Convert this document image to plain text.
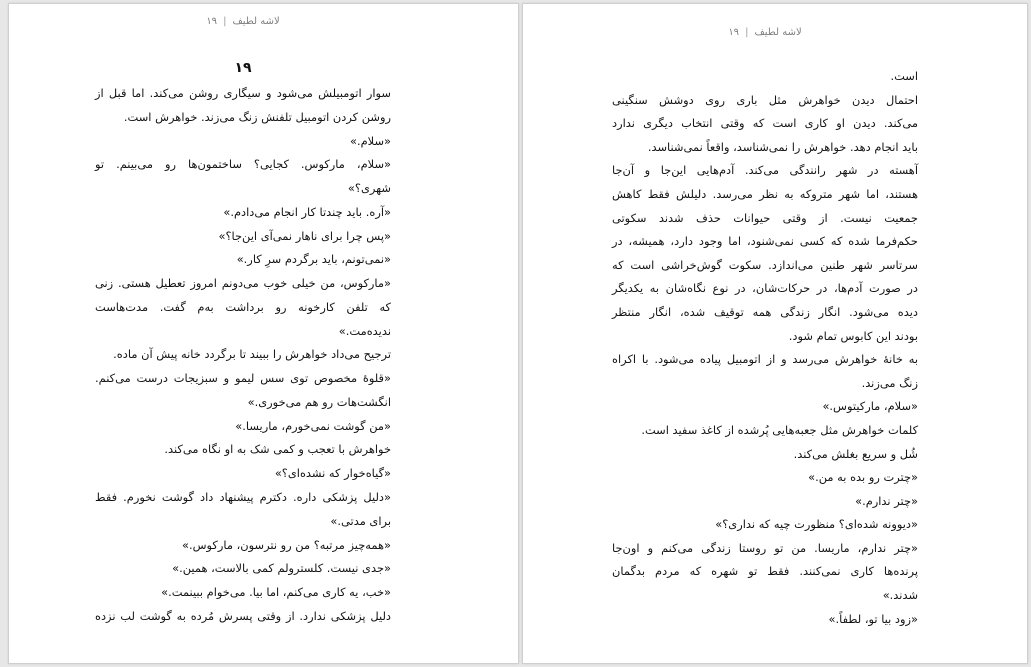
لاشه لطیف|۱۹
۱۹
سوار اتومبیلش می‌شود و سیگاری روشن می‌کند. اما قبل از
روشن کردن اتومبیل تلفنش زنگ می‌زند. خواهرش است.
«سلام.»
«سلام، مارکوس. کجایی؟ ساختمون‌ها رو می‌بینم. تو
شهری؟»
«آره. باید چندتا کار انجام می‌دادم.»
«پس چرا برای ناهار نمی‌آی این‌جا؟»
«نمی‌تونم، باید برگردم سرِ کار.»
«مارکوس، من خیلی خوب می‌دونم امروز تعطیل هستی. زنی
که تلفن کارخونه رو برداشت به‌م گفت. مدت‌هاست
ندیده‌مت.»
ترجیح می‌داد خواهرش را ببیند تا برگردد خانه پیش آن ماده.
«قلوهٔ مخصوص توی سس لیمو و سبزیجات درست می‌کنم.
انگشت‌هات رو هم می‌خوری.»
«من گوشت نمی‌خورم، ماریسا.»
خواهرش با تعجب و کمی شک به او نگاه می‌کند.
«گیاه‌خوار که نشده‌ای؟»
«دلیل پزشکی داره. دکترم پیشنهاد داد گوشت نخورم. فقط
برای مدتی.»
«همه‌چیز مرتبه؟ من رو نترسون، مارکوس.»
«جدی نیست. کلسترولم کمی بالاست، همین.»
«خب، یه کاری می‌کنم، اما بیا. می‌خوام ببینمت.»
دلیل پزشکی ندارد. از وقتی پسرش مُرده به گوشت لب نزده
لاشه لطیف|۱۹
است.
احتمال دیدن خواهرش مثل باری روی دوشش سنگینی
می‌کند. دیدن او کاری است که وقتی انتخاب دیگری ندارد
باید انجام دهد. خواهرش را نمی‌شناسد، واقعاً نمی‌شناسد.
آهسته در شهر رانندگی می‌کند. آدم‌هایی این‌جا و آن‌جا
هستند، اما شهر متروکه به نظر می‌رسد. دلیلش فقط کاهش
جمعیت نیست. از وقتی حیوانات حذف شدند سکوتی
حکم‌فرما شده که کسی نمی‌شنود، اما وجود دارد، همیشه، در
سرتاسر شهر طنین می‌اندازد. سکوت گوش‌خراشی است که
در صورت آدم‌ها، در حرکات‌شان، در نوع نگاه‌شان به یکدیگر
دیده می‌شود. انگار زندگی همه توقیف شده، انگار منتظر
بودند این کابوس تمام شود.
به خانهٔ خواهرش می‌رسد و از اتومبیل پیاده می‌شود. با اکراه
زنگ می‌زند.
«سلام، مارکیتوس.»
کلمات خواهرش مثل جعبه‌هایی پُرشده از کاغذ سفید است.
شُل و سریع بغلش می‌کند.
«چترت رو بده به من.»
«چتر ندارم.»
«دیوونه شده‌ای؟ منظورت چیه که نداری؟»
«چتر ندارم، ماریسا. من تو روستا زندگی می‌کنم و اون‌جا
پرنده‌ها کاری نمی‌کنند. فقط تو شهره که مردم بدگمان
شدند.»
«زود بیا تو، لطفاً.»
